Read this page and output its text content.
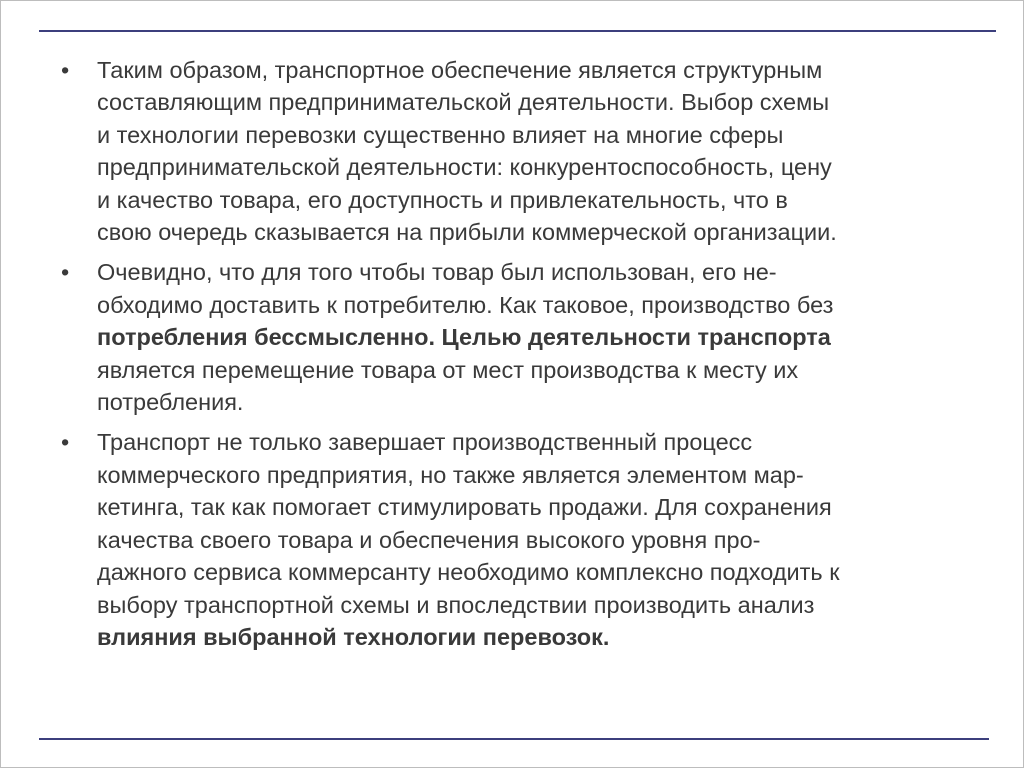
•	Таким образом, транспортное обеспечение является структурным
составляющим предпринимательской деятельности. Выбор схемы
и технологии перевозки существенно влияет на многие сферы
предпринимательской деятельности: конкурентоспособность, цену
и качество товара, его доступность и привлекательность, что в
свою очередь сказывается на прибыли коммерческой организации.
•	Очевидно, что для того чтобы товар был использован, его не-
обходимо доставить к потребителю. Как таковое, производство без
потребления бессмысленно. Целью деятельности транспорта
является перемещение товара от мест производства к месту их
потребления.
•	Транспорт не только завершает производственный процесс
коммерческого предприятия, но также является элементом мар-
кетинга, так как помогает стимулировать продажи. Для сохранения
качества своего товара и обеспечения высокого уровня про-
дажного сервиса коммерсанту необходимо комплексно подходить к
выбору транспортной схемы и впоследствии производить анализ
влияния выбранной технологии перевозок.
